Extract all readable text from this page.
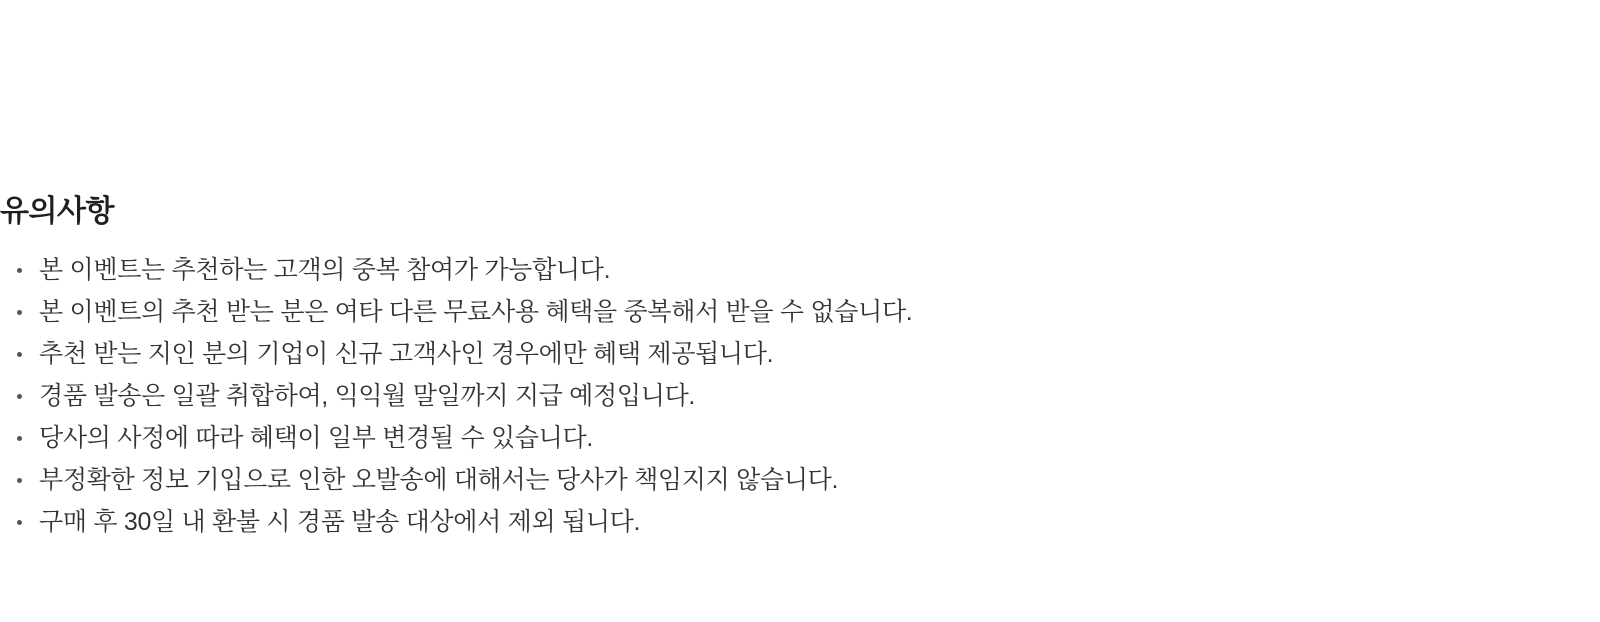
유의사항
본 이벤트는 추천하는 고객의 중복 참여가 가능합니다.
본 이벤트의 추천 받는 분은 여타 다른 무료사용 혜택을 중복해서 받을 수 없습니다.
추천 받는 지인 분의 기업이 신규 고객사인 경우에만 혜택 제공됩니다.
경품 발송은 일괄 취합하여, 익익월 말일까지 지급 예정입니다.
당사의 사정에 따라 혜택이 일부 변경될 수 있습니다.
부정확한 정보 기입으로 인한 오발송에 대해서는 당사가 책임지지 않습니다.
구매 후 30일 내 환불 시 경품 발송 대상에서 제외 됩니다.
